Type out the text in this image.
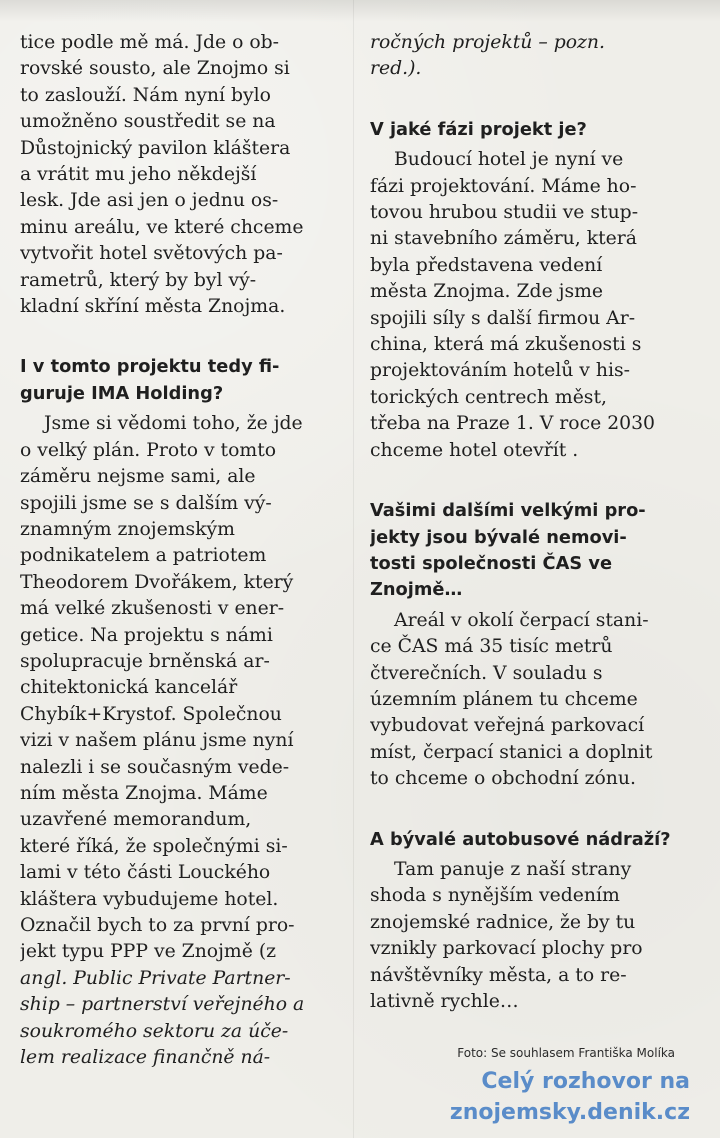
tice podle mě má. Jde o ob-
rovské sousto, ale Znojmo si
to zaslouží. Nám nyní bylo
umožněno soustředit se na
Důstojnický pavilon kláštera
a vrátit mu jeho někdejší
lesk. Jde asi jen o jednu os-
minu areálu, ve které chceme
vytvořit hotel světových pa-
rametrů, který by byl vý-
kladní skříní města Znojma.

I v tomto projektu tedy fi-
guruje IMA Holding?

Jsme si vědomi toho, že jde
o velký plán. Proto v tomto
záměru nejsme sami, ale
spojili jsme se s dalším vý-
znamným znojemským
podnikatelem a patriotem
Theodorem Dvořákem, který
má velké zkušenosti v ener-
getice. Na projektu s námi
spolupracuje brněnská ar-
chitektonická kancelář
Chybík+Krystof. Společnou
vizi v našem plánu jsme nyní
nalezli i se současným vede-
ním města Znojma. Máme
uzavřené memorandum,
které říká, že společnými si-
lami v této části Louckého
kláštera vybudujeme hotel.
Označil bych to za první pro-
jekt typu PPP ve Znojmě (z
angl. Public Private Partner-
ship – partnerství veřejného a
soukromého sektoru za úče-
lem realizace finančně ná-

ročných projektů – pozn.
red.).

V jaké fázi projekt je?

Budoucí hotel je nyní ve
fázi projektování. Máme ho-
tovou hrubou studii ve stup-
ni stavebního záměru, která
byla představena vedení
města Znojma. Zde jsme
spojili síly s další firmou Ar-
china, která má zkušenosti s
projektováním hotelů v his-
torických centrech měst,
třeba na Praze 1. V roce 2030
chceme hotel otevřít .

Vašimi dalšími velkými pro-
jekty jsou bývalé nemovi-
tosti společnosti ČAS ve
Znojmě…

Areál v okolí čerpací stani-
ce ČAS má 35 tisíc metrů
čtverečních. V souladu s
územním plánem tu chceme
vybudovat veřejná parkovací
míst, čerpací stanici a doplnit
to chceme o obchodní zónu.

A bývalé autobusové nádraží?

Tam panuje z naší strany
shoda s nynějším vedením
znojemské radnice, že by tu
vznikly parkovací plochy pro
návštěvníky města, a to re-
lativně rychle…

Foto: Se souhlasem Františka Molíka
Celý rozhovor na
znojemsky.denik.cz
